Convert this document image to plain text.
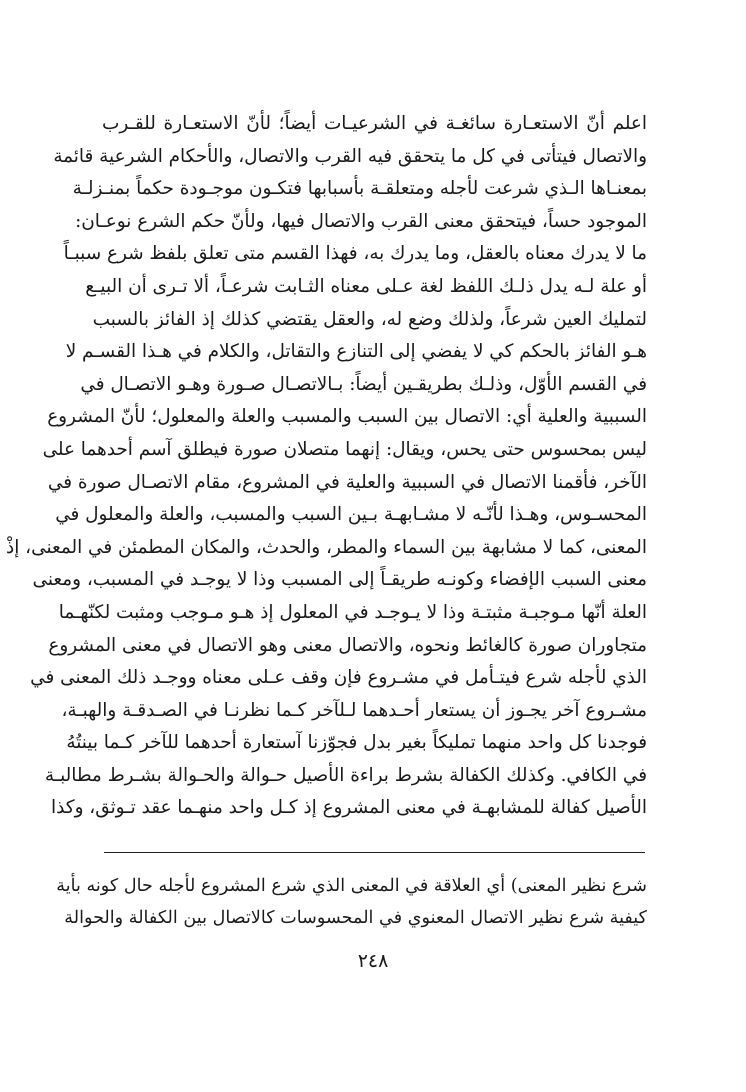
اعلم أنّ الاستعـارة سائغـة في الشرعيـات أيضاً؛ لأنّ الاستعـارة للقـرب
والاتصال فيتأتى في كل ما يتحقق فيه القرب والاتصال، والأحكام الشرعية قائمة
بمعنـاها الـذي شرعت لأجله ومتعلقـة بأسبابها فتكـون موجـودة حكماً بمنـزلـة
الموجود حساً، فيتحقق معنى القرب والاتصال فيها، ولأنّ حكم الشرع نوعـان:
ما لا يدرك معناه بالعقل، وما يدرك به، فهذا القسم متى تعلق بلفظ شرع سببـاً
أو علة لـه يدل ذلـك اللفظ لغة عـلى معناه الثـابت شرعـاً، ألا تـرى أن البيـع
لتمليك العين شرعاً، ولذلك وضع له، والعقل يقتضي كذلك إذ الفائز بالسبب
هـو الفائز بالحكم كي لا يفضي إلى التنازع والتقاتل، والكلام في هـذا القسـم لا
في القسم الأوّل، وذلـك بطريقـين أيضاً: بـالاتصـال صـورة وهـو الاتصـال في
السببية والعلية أي: الاتصال بين السبب والمسبب والعلة والمعلول؛ لأنّ المشروع
ليس بمحسوس حتى يحس، ويقال: إنهما متصلان صورة فيطلق آسم أحدهما على
الآخر، فأقمنا الاتصال في السببية والعلية في المشروع، مقام الاتصـال صورة في
المحسـوس، وهـذا لأنّـه لا مشـابهـة بـين السبب والمسبب، والعلة والمعلول في
المعنى، كما لا مشابهة بين السماء والمطر، والحدث، والمكان المطمئن في المعنى، إذْ
معنى السبب الإفضاء وكونـه طريقـاً إلى المسبب وذا لا يوجـد في المسبب، ومعنى
العلة أنّها مـوجبـة مثبتـة وذا لا يـوجـد في المعلول إذ هـو مـوجب ومثبت لكنّهـما
متجاوران صورة كالغائط ونحوه، والاتصال معنى وهو الاتصال في معنى المشروع
الذي لأجله شرع فيتـأمل في مشـروع فإن وقف عـلى معناه ووجـد ذلك المعنى في
مشـروع آخر يجـوز أن يستعار أحـدهما لـلآخر كـما نظرنـا في الصـدقـة والهبـة،
فوجدنا كل واحد منهما تمليكاً بغير بدل فجوّزنا آستعارة أحدهما للآخر كـما بينتُهُ
في الكافي. وكذلك الكفالة بشرط براءة الأصيل حـوالة والحـوالة بشـرط مطالبـة
الأصيل كفالة للمشابهـة في معنى المشروع إذ كـل واحد منهـما عقد تـوثق، وكذا
شرع نظير المعنى) أي العلاقة في المعنى الذي شرع المشروع لأجله حال كونه بأية
كيفية شرع نظير الاتصال المعنوي في المحسوسات كالاتصال بين الكفالة والحوالة
٢٤٨
